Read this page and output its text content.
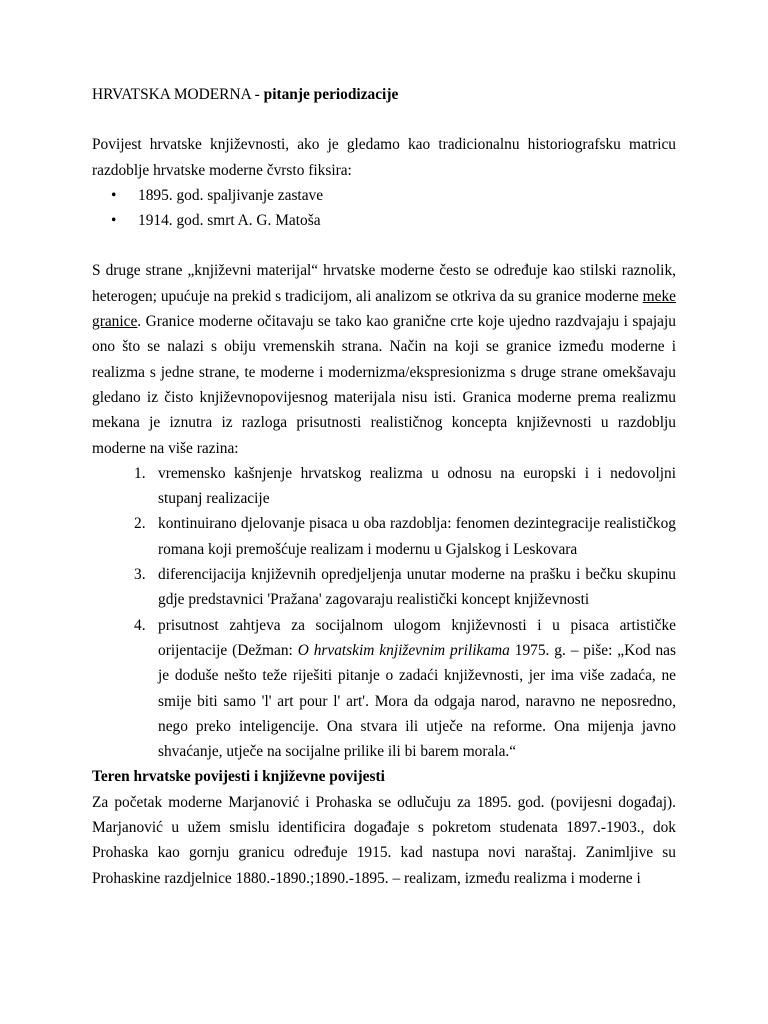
HRVATSKA MODERNA - pitanje periodizacije

Povijest hrvatske književnosti, ako je gledamo kao tradicionalnu historiografsku matricu razdoblje hrvatske moderne čvrsto fiksira:

• 1895. god. spaljivanje zastave
• 1914. god. smrt A. G. Matoša

S druge strane „književni materijal“ hrvatske moderne često se određuje kao stilski raznolik, heterogen; upućuje na prekid s tradicijom, ali analizom se otkriva da su granice moderne meke granice. Granice moderne očitavaju se tako kao granične crte koje ujedno razdvajaju i spajaju ono što se nalazi s obiju vremenskih strana. Način na koji se granice između moderne i realizma s jedne strane, te moderne i modernizma/ekspresionizma s druge strane omekšavaju gledano iz čisto književnopovijesnog materijala nisu isti. Granica moderne prema realizmu mekana je iznutra iz razloga prisutnosti realističnog koncepta književnosti u razdoblju moderne na više razina:

1. vremensko kašnjenje hrvatskog realizma u odnosu na europski i i nedovoljni stupanj realizacije
2. kontinuirano djelovanje pisaca u oba razdoblja: fenomen dezintegracije realističkog romana koji premošćuje realizam i modernu u Gjalskog i Leskovara
3. diferencijacija književnih opredjeljenja unutar moderne na prašku i bečku skupinu gdje predstavnici 'Pražana' zagovaraju realistički koncept književnosti
4. prisutnost zahtjeva za socijalnom ulogom književnosti i u pisaca artističke orijentacije (Dežman: O hrvatskim književnim prilikama 1975. g. – piše: „Kod nas je doduše nešto teže riješiti pitanje o zadaći književnosti, jer ima više zadaća, ne smije biti samo 'l' art pour l' art'. Mora da odgaja narod, naravno ne neposredno, nego preko inteligencije. Ona stvara ili utječe na reforme. Ona mijenja javno shvaćanje, utječe na socijalne prilike ili bi barem morala.“
Teren hrvatske povijesti i književne povijesti

Za početak moderne Marjanović i Prohaska se odlučuju za 1895. god. (povijesni događaj). Marjanović u užem smislu identificira događaje s pokretom studenata 1897.-1903., dok Prohaska kao gornju granicu određuje 1915. kad nastupa novi naraštaj. Zanimljive su Prohaskine razdjelnice 1880.-1890.;1890.-1895. – realizam, između realizma i moderne i
